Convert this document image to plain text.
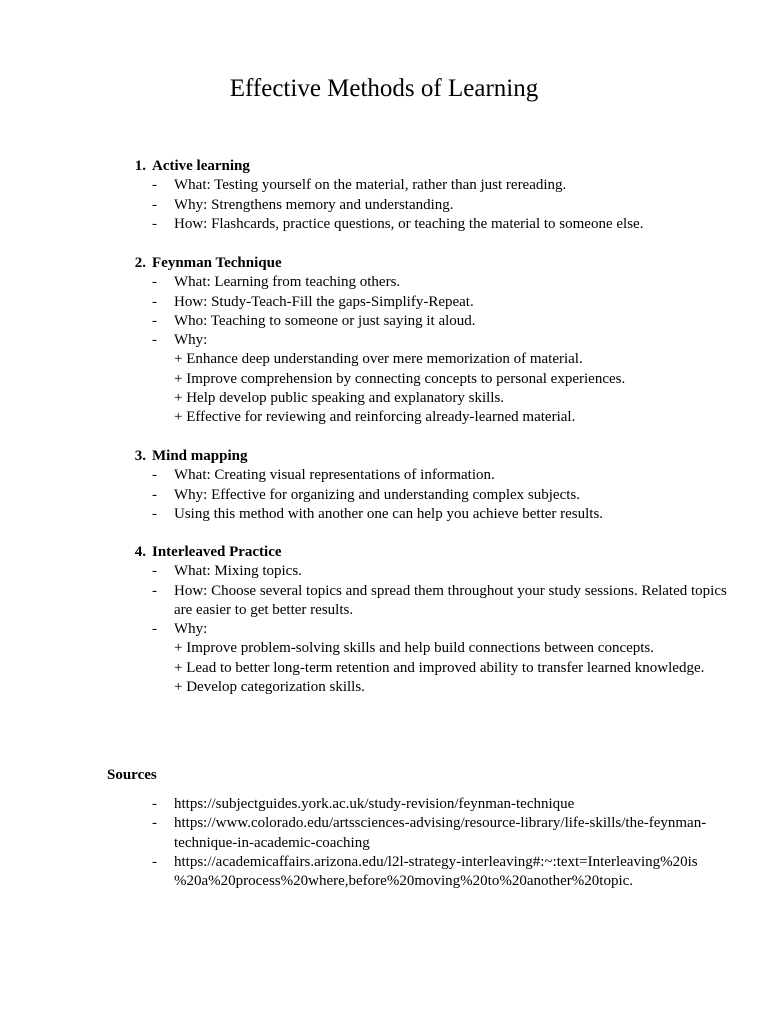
Effective Methods of Learning
1. Active learning
- What: Testing yourself on the material, rather than just rereading.
- Why: Strengthens memory and understanding.
- How: Flashcards, practice questions, or teaching the material to someone else.
2. Feynman Technique
- What: Learning from teaching others.
- How: Study-Teach-Fill the gaps-Simplify-Repeat.
- Who: Teaching to someone or just saying it aloud.
- Why:
+ Enhance deep understanding over mere memorization of material.
+ Improve comprehension by connecting concepts to personal experiences.
+ Help develop public speaking and explanatory skills.
+ Effective for reviewing and reinforcing already-learned material.
3. Mind mapping
- What: Creating visual representations of information.
- Why: Effective for organizing and understanding complex subjects.
- Using this method with another one can help you achieve better results.
4. Interleaved Practice
- What: Mixing topics.
- How: Choose several topics and spread them throughout your study sessions. Related topics are easier to get better results.
- Why:
+ Improve problem-solving skills and help build connections between concepts.
+ Lead to better long-term retention and improved ability to transfer learned knowledge.
+ Develop categorization skills.
Sources
- https://subjectguides.york.ac.uk/study-revision/feynman-technique
- https://www.colorado.edu/artssciences-advising/resource-library/life-skills/the-feynman-
technique-in-academic-coaching
- https://academicaffairs.arizona.edu/l2l-strategy-interleaving#:~:text=Interleaving%20is
%20a%20process%20where,before%20moving%20to%20another%20topic.
